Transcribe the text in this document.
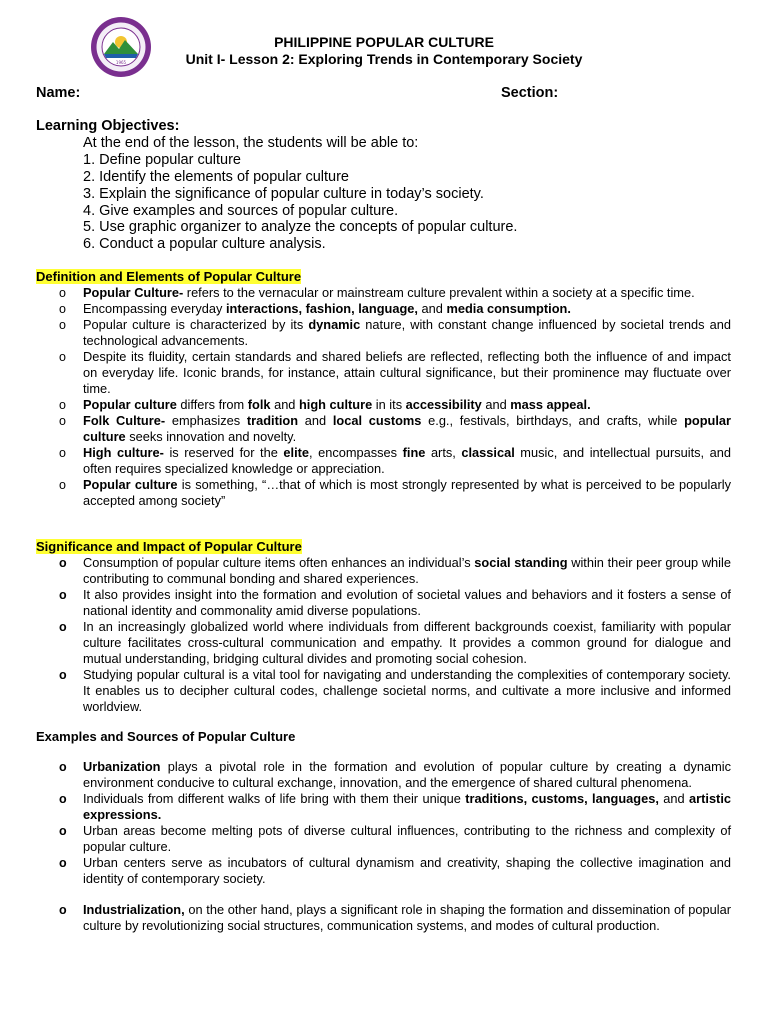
1965
PHILIPPINE POPULAR CULTURE
Unit I- Lesson 2: Exploring Trends in Contemporary Society
Name:	Section:
Learning Objectives:
At the end of the lesson, the students will be able to:
1. Define popular culture
2. Identify the elements of popular culture
3. Explain the significance of popular culture in today’s society.
4. Give examples and sources of popular culture.
5. Use graphic organizer to analyze the concepts of popular culture.
6. Conduct a popular culture analysis.
Definition and Elements of Popular Culture
o Popular Culture- refers to the vernacular or mainstream culture prevalent within a society at a specific time.
o Encompassing everyday interactions, fashion, language, and media consumption.
o Popular culture is characterized by its dynamic nature, with constant change influenced by societal trends and technological advancements.
o Despite its fluidity, certain standards and shared beliefs are reflected, reflecting both the influence of and impact on everyday life. Iconic brands, for instance, attain cultural significance, but their prominence may fluctuate over time.
o Popular culture differs from folk and high culture in its accessibility and mass appeal.
o Folk Culture- emphasizes tradition and local customs e.g., festivals, birthdays, and crafts, while popular culture seeks innovation and novelty.
o High culture- is reserved for the elite, encompasses fine arts, classical music, and intellectual pursuits, and often requires specialized knowledge or appreciation.
o Popular culture is something, “…that of which is most strongly represented by what is perceived to be popularly accepted among society”
Significance and Impact of Popular Culture
o Consumption of popular culture items often enhances an individual’s social standing within their peer group while contributing to communal bonding and shared experiences.
o It also provides insight into the formation and evolution of societal values and behaviors and it fosters a sense of national identity and commonality amid diverse populations.
o In an increasingly globalized world where individuals from different backgrounds coexist, familiarity with popular culture facilitates cross-cultural communication and empathy. It provides a common ground for dialogue and mutual understanding, bridging cultural divides and promoting social cohesion.
o Studying popular cultural is a vital tool for navigating and understanding the complexities of contemporary society. It enables us to decipher cultural codes, challenge societal norms, and cultivate a more inclusive and informed worldview.
Examples and Sources of Popular Culture
o Urbanization plays a pivotal role in the formation and evolution of popular culture by creating a dynamic environment conducive to cultural exchange, innovation, and the emergence of shared cultural phenomena.
o Individuals from different walks of life bring with them their unique traditions, customs, languages, and artistic expressions.
o Urban areas become melting pots of diverse cultural influences, contributing to the richness and complexity of popular culture.
o Urban centers serve as incubators of cultural dynamism and creativity, shaping the collective imagination and identity of contemporary society.
o Industrialization, on the other hand, plays a significant role in shaping the formation and dissemination of popular culture by revolutionizing social structures, communication systems, and modes of cultural production.
